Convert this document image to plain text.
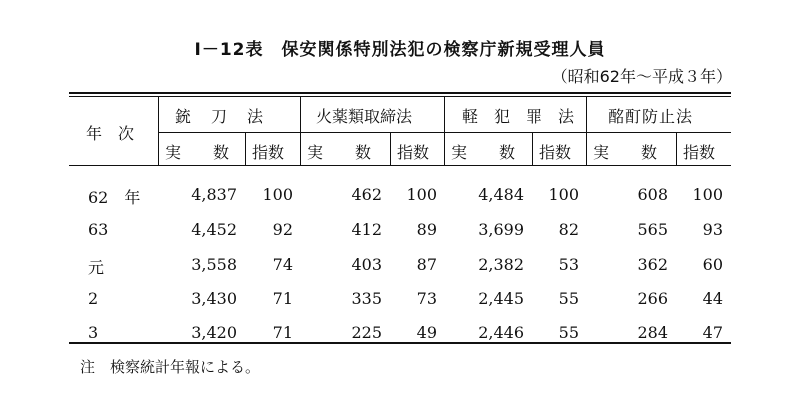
Ⅰ－12表　保安関係特別法犯の検察庁新規受理人員
（昭和62年～平成３年）
年　次
銃　刀　法	火薬類取締法	軽　犯　罪　法 酩酊防止法
実　　数 指数 実　　数 指数 実　　数 指数 実　　数 指数
62　年	4,837	100	462	100	4,484	100	608	100
63	4,452	92	412	89	3,699	82	565	93
元	3,558	74	403	87	2,382	53	362	60
2	3,430	71	335	73	2,445	55	266	44
3	3,420	71	225	49	2,446	55	284	47
注　検察統計年報による。
